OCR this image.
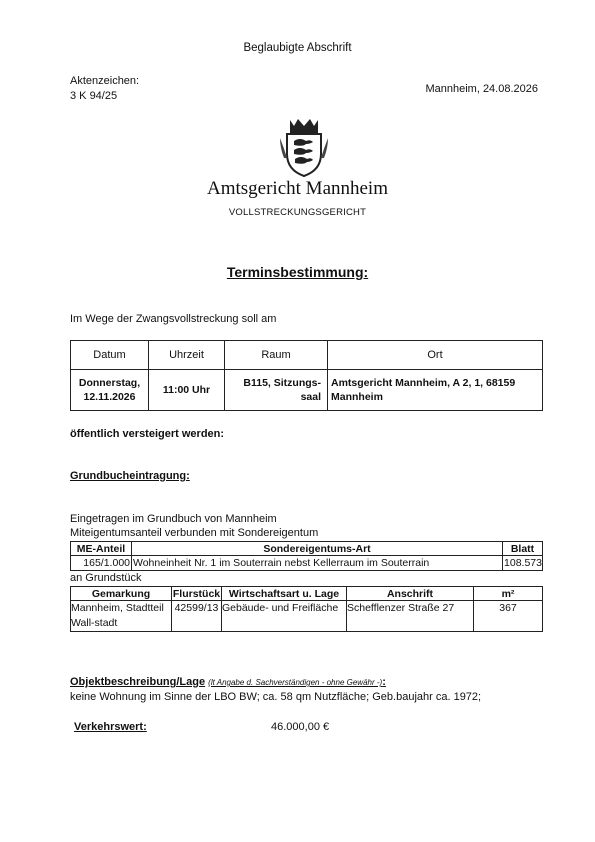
Beglaubigte Abschrift
Aktenzeichen:
3 K 94/25
Mannheim, 24.08.2026
Amtsgericht Mannheim
VOLLSTRECKUNGSGERICHT
Terminsbestimmung:
Im Wege der Zwangsvollstreckung soll am
Datum	Uhrzeit	Raum	Ort
Donnerstag, 12.11.2026	11:00 Uhr	B115, Sitzungs-saal	Amtsgericht Mannheim, A 2, 1, 68159 Mannheim
öffentlich versteigert werden:
Grundbucheintragung:
Eingetragen im Grundbuch von Mannheim
Miteigentumsanteil verbunden mit Sondereigentum
ME-Anteil	Sondereigentums-Art	Blatt
165/1.000	Wohneinheit Nr. 1 im Souterrain nebst Kellerraum im Souterrain	108.573
an Grundstück
Gemarkung	Flurstück	Wirtschaftsart u. Lage	Anschrift	m²
Mannheim, Stadtteil Wall-stadt	42599/13	Gebäude- und Freifläche	Schefflenzer Straße 27	367
Objektbeschreibung/Lage (lt Angabe d. Sachverständigen - ohne Gewähr -):
keine Wohnung im Sinne der LBO BW; ca. 58 qm Nutzfläche; Geb.baujahr ca. 1972;
Verkehrswert:	46.000,00 €
